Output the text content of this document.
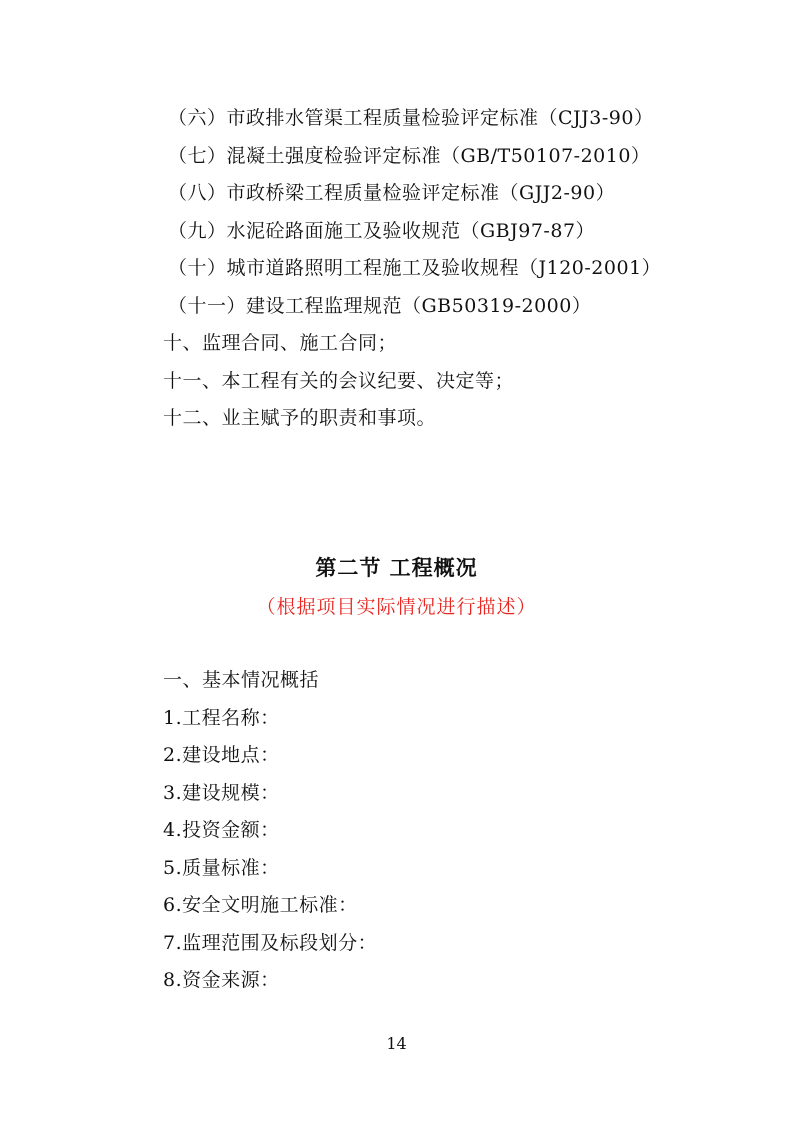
（六）市政排水管渠工程质量检验评定标准（CJJ3-90）
（七）混凝土强度检验评定标准（GB/T50107-2010）
（八）市政桥梁工程质量检验评定标准（GJJ2-90）
（九）水泥砼路面施工及验收规范（GBJ97-87）
（十）城市道路照明工程施工及验收规程（J120-2001）
（十一）建设工程监理规范（GB50319-2000）
十、监理合同、施工合同；
十一、本工程有关的会议纪要、决定等；
十二、业主赋予的职责和事项。
第二节 工程概况
（根据项目实际情况进行描述）
一、基本情况概括
1.工程名称：
2.建设地点：
3.建设规模：
4.投资金额：
5.质量标准：
6.安全文明施工标准：
7.监理范围及标段划分：
8.资金来源：
14
